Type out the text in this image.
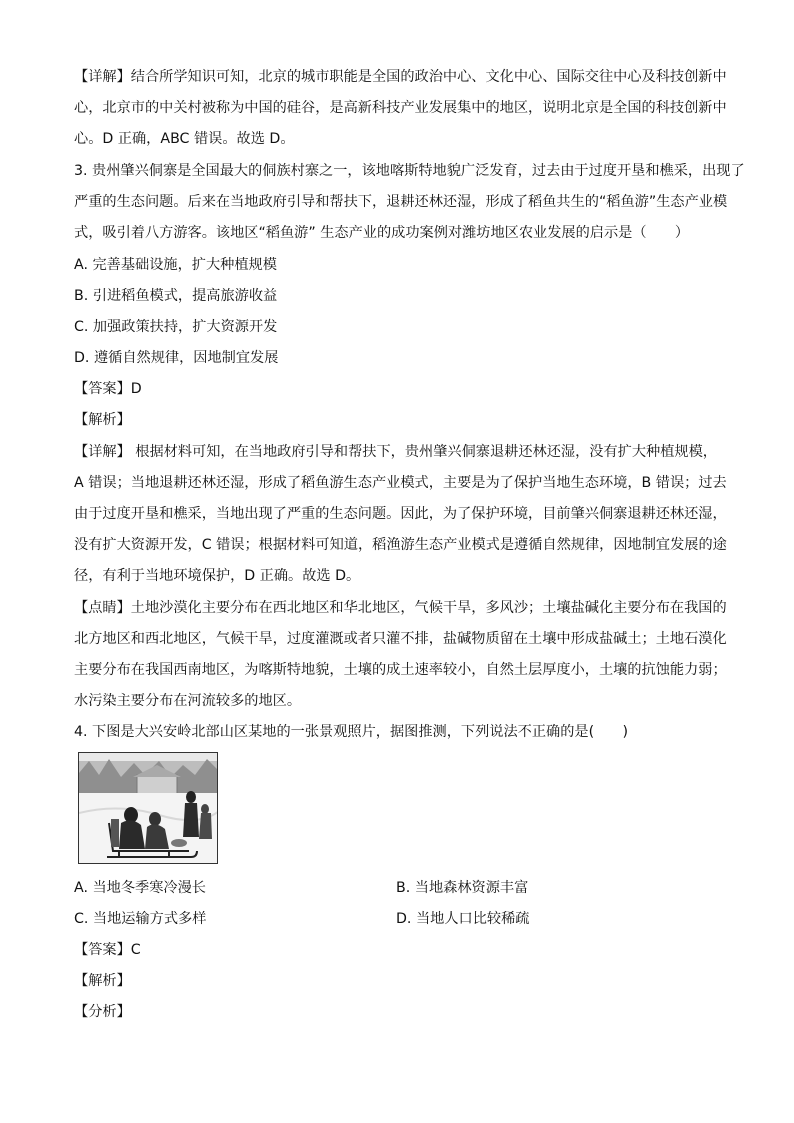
【详解】结合所学知识可知，北京的城市职能是全国的政治中心、文化中心、国际交往中心及科技创新中
心，北京市的中关村被称为中国的硅谷，是高新科技产业发展集中的地区，说明北京是全国的科技创新中
心。D 正确，ABC 错误。故选 D。
3. 贵州肇兴侗寨是全国最大的侗族村寨之一，该地喀斯特地貌广泛发育，过去由于过度开垦和樵采，出现了
严重的生态问题。后来在当地政府引导和帮扶下，退耕还林还湿，形成了稻鱼共生的“稻鱼游”生态产业模
式，吸引着八方游客。该地区“稻鱼游” 生态产业的成功案例对潍坊地区农业发展的启示是（　　）
A. 完善基础设施，扩大种植规模
B. 引进稻鱼模式，提高旅游收益
C. 加强政策扶持，扩大资源开发
D. 遵循自然规律，因地制宜发展
【答案】D
【解析】
【详解】 根据材料可知，在当地政府引导和帮扶下，贵州肇兴侗寨退耕还林还湿，没有扩大种植规模，
A 错误；当地退耕还林还湿，形成了稻鱼游生态产业模式，主要是为了保护当地生态环境，B 错误；过去
由于过度开垦和樵采，当地出现了严重的生态问题。因此，为了保护环境，目前肇兴侗寨退耕还林还湿，
没有扩大资源开发，C 错误；根据材料可知道，稻渔游生态产业模式是遵循自然规律，因地制宜发展的途
径，有利于当地环境保护，D 正确。故选 D。
【点睛】土地沙漠化主要分布在西北地区和华北地区，气候干旱，多风沙；土壤盐碱化主要分布在我国的
北方地区和西北地区，气候干旱，过度灌溉或者只灌不排，盐碱物质留在土壤中形成盐碱土；土地石漠化
主要分布在我国西南地区，为喀斯特地貌，土壤的成土速率较小，自然土层厚度小，土壤的抗蚀能力弱；
水污染主要分布在河流较多的地区。
4. 下图是大兴安岭北部山区某地的一张景观照片，据图推测，下列说法不正确的是(　　)
A. 当地冬季寒冷漫长	B. 当地森林资源丰富
C. 当地运输方式多样	D. 当地人口比较稀疏
【答案】C
【解析】
【分析】
